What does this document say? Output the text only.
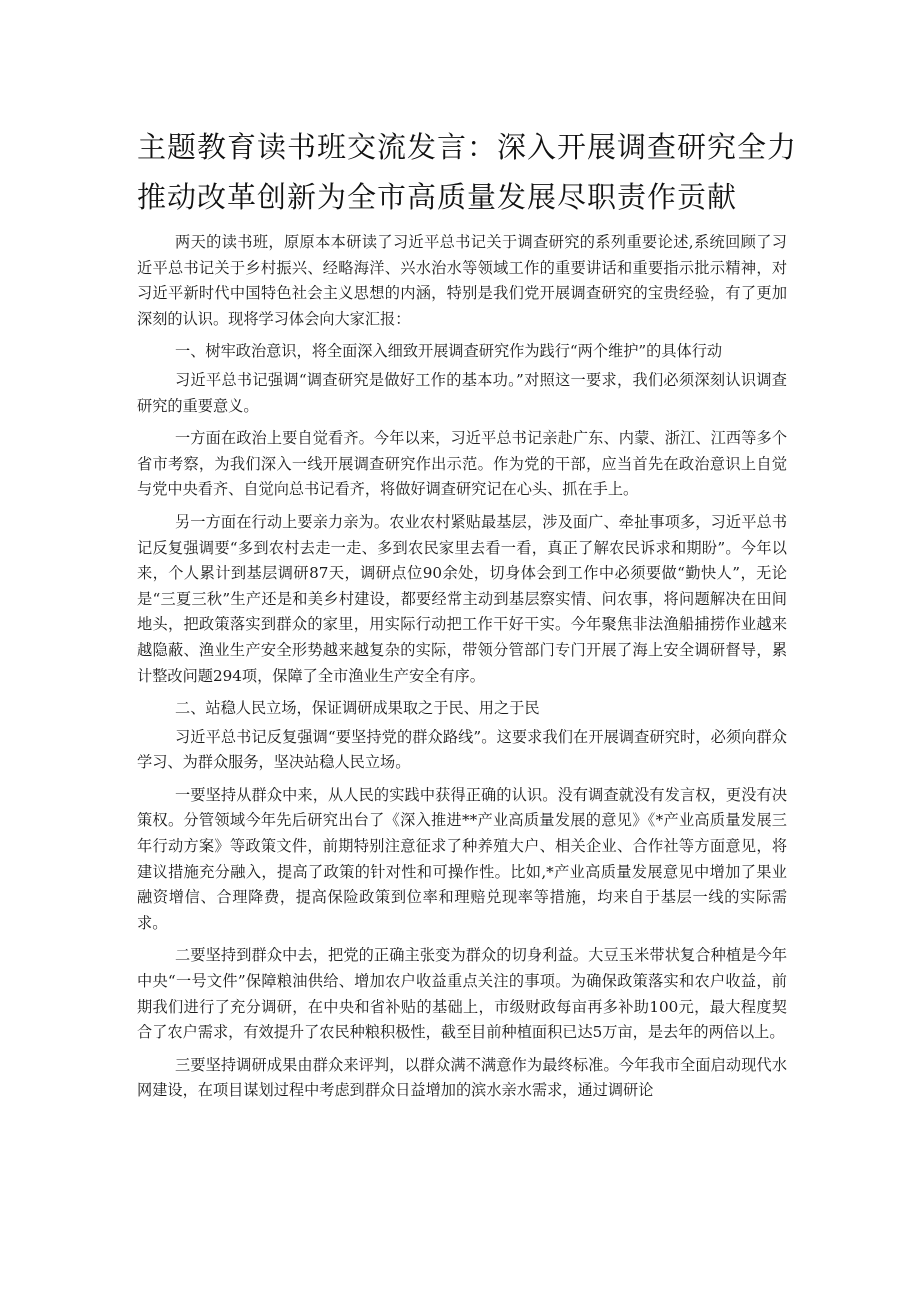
主题教育读书班交流发言：深入开展调查研究全力推动改革创新为全市高质量发展尽职责作贡献

两天的读书班，原原本本研读了习近平总书记关于调查研究的系列重要论述,系统回顾了习近平总书记关于乡村振兴、经略海洋、兴水治水等领域工作的重要讲话和重要指示批示精神，对习近平新时代中国特色社会主义思想的内涵，特别是我们党开展调查研究的宝贵经验，有了更加深刻的认识。现将学习体会向大家汇报：

一、树牢政治意识，将全面深入细致开展调查研究作为践行“两个维护”的具体行动

习近平总书记强调“调查研究是做好工作的基本功。”对照这一要求，我们必须深刻认识调查研究的重要意义。

一方面在政治上要自觉看齐。今年以来，习近平总书记亲赴广东、内蒙、浙江、江西等多个省市考察，为我们深入一线开展调查研究作出示范。作为党的干部，应当首先在政治意识上自觉与党中央看齐、自觉向总书记看齐，将做好调查研究记在心头、抓在手上。

另一方面在行动上要亲力亲为。农业农村紧贴最基层，涉及面广、牵扯事项多，习近平总书记反复强调要“多到农村去走一走、多到农民家里去看一看，真正了解农民诉求和期盼”。今年以来，个人累计到基层调研87天，调研点位90余处，切身体会到工作中必须要做“勤快人”，无论是“三夏三秋”生产还是和美乡村建设，都要经常主动到基层察实情、问农事，将问题解决在田间地头，把政策落实到群众的家里，用实际行动把工作干好干实。今年聚焦非法渔船捕捞作业越来越隐蔽、渔业生产安全形势越来越复杂的实际，带领分管部门专门开展了海上安全调研督导，累计整改问题294项，保障了全市渔业生产安全有序。

二、站稳人民立场，保证调研成果取之于民、用之于民

习近平总书记反复强调“要坚持党的群众路线”。这要求我们在开展调查研究时，必须向群众学习、为群众服务，坚决站稳人民立场。

一要坚持从群众中来，从人民的实践中获得正确的认识。没有调查就没有发言权，更没有决策权。分管领域今年先后研究出台了《深入推进**产业高质量发展的意见》《*产业高质量发展三年行动方案》等政策文件，前期特别注意征求了种养殖大户、相关企业、合作社等方面意见，将建议措施充分融入，提高了政策的针对性和可操作性。比如,*产业高质量发展意见中增加了果业融资增信、合理降费，提高保险政策到位率和理赔兑现率等措施，均来自于基层一线的实际需求。

二要坚持到群众中去，把党的正确主张变为群众的切身利益。大豆玉米带状复合种植是今年中央“一号文件”保障粮油供给、增加农户收益重点关注的事项。为确保政策落实和农户收益，前期我们进行了充分调研，在中央和省补贴的基础上，市级财政每亩再多补助100元，最大程度契合了农户需求，有效提升了农民种粮积极性，截至目前种植面积已达5万亩，是去年的两倍以上。

三要坚持调研成果由群众来评判，以群众满不满意作为最终标准。今年我市全面启动现代水网建设，在项目谋划过程中考虑到群众日益增加的滨水亲水需求，通过调研论
